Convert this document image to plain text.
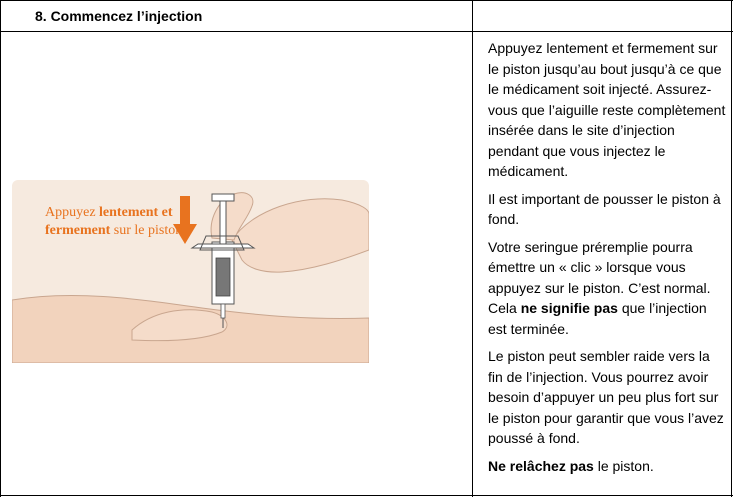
8. Commencez l’injection
Appuyez lentement et fermement sur le piston

Appuyez lentement et fermement sur le piston jusqu’au bout jusqu’à ce que le médicament soit injecté. Assurez-vous que l’aiguille reste complètement insérée dans le site d’injection pendant que vous injectez le médicament.

Il est important de pousser le piston à fond.

Votre seringue préremplie pourra émettre un « clic » lorsque vous appuyez sur le piston. C’est normal. Cela ne signifie pas que l’injection est terminée.

Le piston peut sembler raide vers la fin de l’injection. Vous pourrez avoir besoin d’appuyer un peu plus fort sur le piston pour garantir que vous l’avez poussé à fond.

Ne relâchez pas le piston.
